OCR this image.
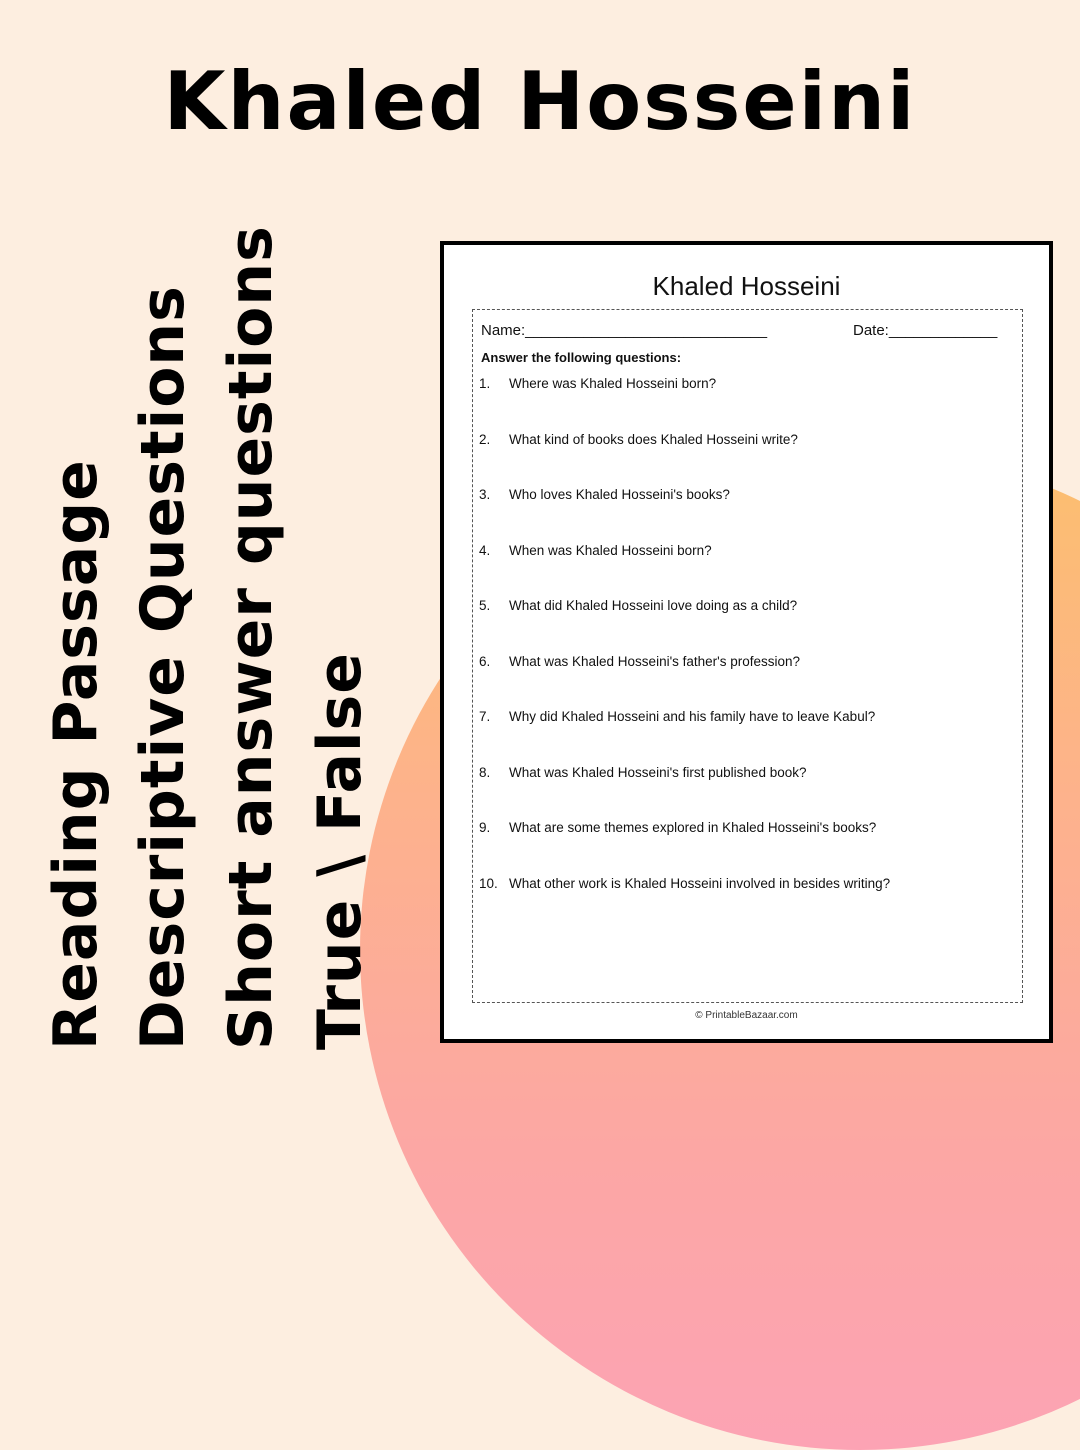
Khaled Hosseini
Reading Passage Descriptive Questions Short answer questions True \ False
Khaled Hosseini
Name:_____________________________	Date:_____________
Answer the following questions:
1.	Where was Khaled Hosseini born?
2.	What kind of books does Khaled Hosseini write?
3.	Who loves Khaled Hosseini's books?
4.	When was Khaled Hosseini born?
5.	What did Khaled Hosseini love doing as a child?
6.	What was Khaled Hosseini's father's profession?
7.	Why did Khaled Hosseini and his family have to leave Kabul?
8.	What was Khaled Hosseini's first published book?
9.	What are some themes explored in Khaled Hosseini's books?
10. What other work is Khaled Hosseini involved in besides writing?
© PrintableBazaar.com
